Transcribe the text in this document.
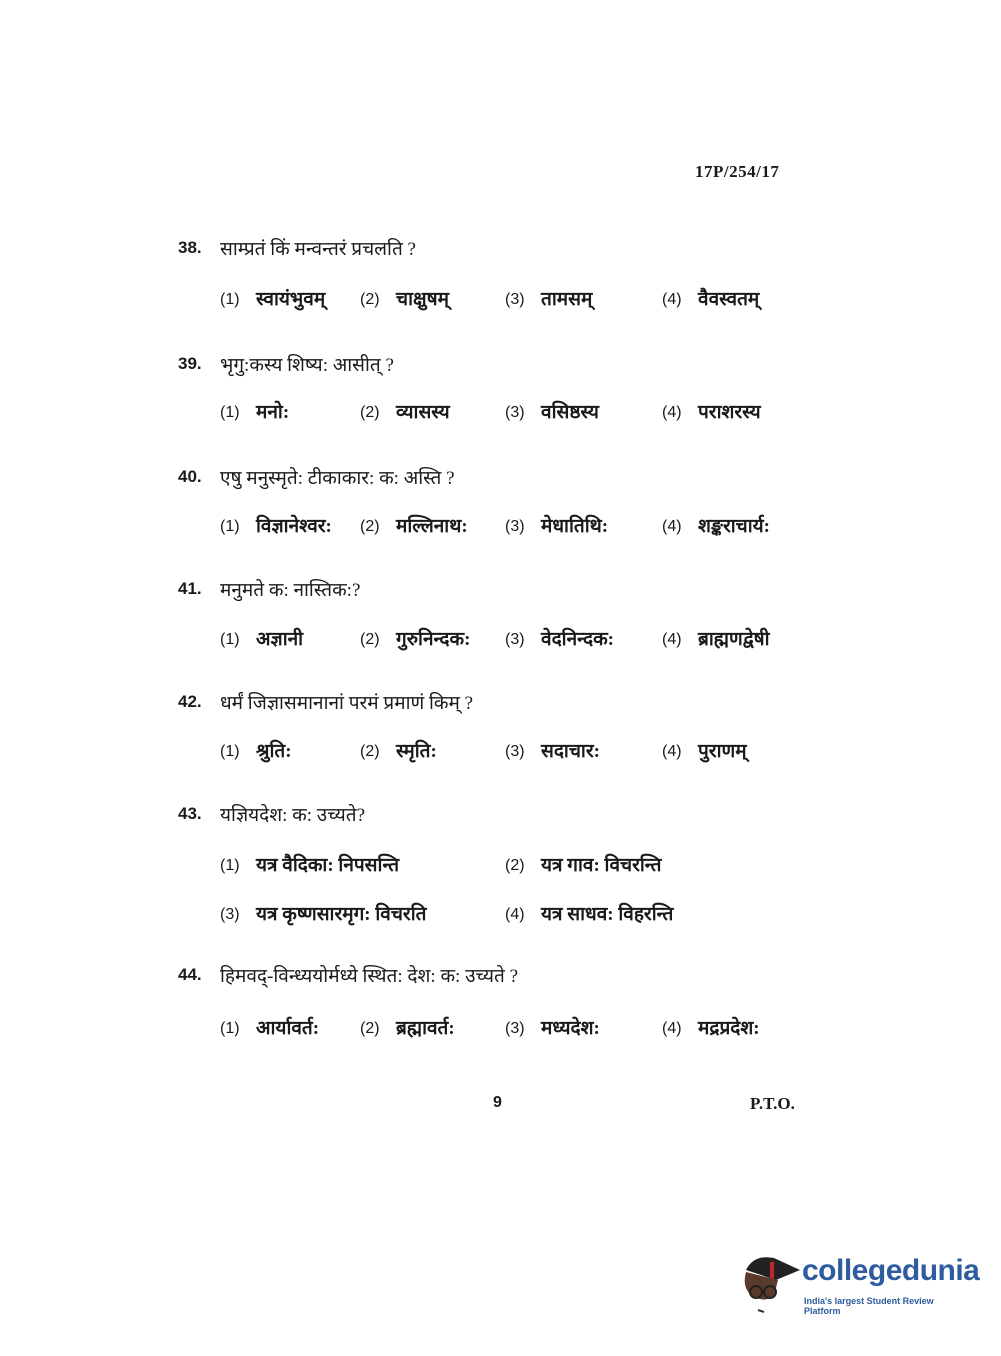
17P/254/17
38. साम्प्रतं किं मन्वन्तरं प्रचलति ?
(1) स्वायंभुवम् (2) चाक्षुषम्	(3) तामसम्	(4) वैवस्वतम्
39. भृगु:कस्य शिष्य: आसीत् ?
(1) मनो:	(2) व्यासस्य	(3) वसिष्ठस्य	(4) पराशरस्य
40. एषु मनुस्मृते: टीकाकार: क: अस्ति ?
(1) विज्ञानेश्वर: (2) मल्लिनाथ: (3) मेधातिथि:	(4) शङ्कराचार्य:
41. मनुमते क: नास्तिक:?
(1) अज्ञानी	(2) गुरुनिन्दक: (3) वेदनिन्दक:	(4) ब्राह्मणद्वेषी
42. धर्मं जिज्ञासमानानां परमं प्रमाणं किम् ?
(1) श्रुति:	(2) स्मृति:	(3) सदाचार:	(4) पुराणम्
43. यज्ञियदेश: क: उच्यते?
(1) यत्र वैदिका: निपसन्ति	(2) यत्र गाव: विचरन्ति
(3) यत्र कृष्णसारमृग: विचरति	(4) यत्र साधव: विहरन्ति
44. हिमवद्-विन्ध्ययोर्मध्ये स्थित: देश: क: उच्यते ?
(1) आर्यावर्त:	(2) ब्रह्मावर्त:	(3) मध्यदेश:	(4) मद्रप्रदेश:
9	P.T.O.
collegedunia
India's largest Student Review Platform
